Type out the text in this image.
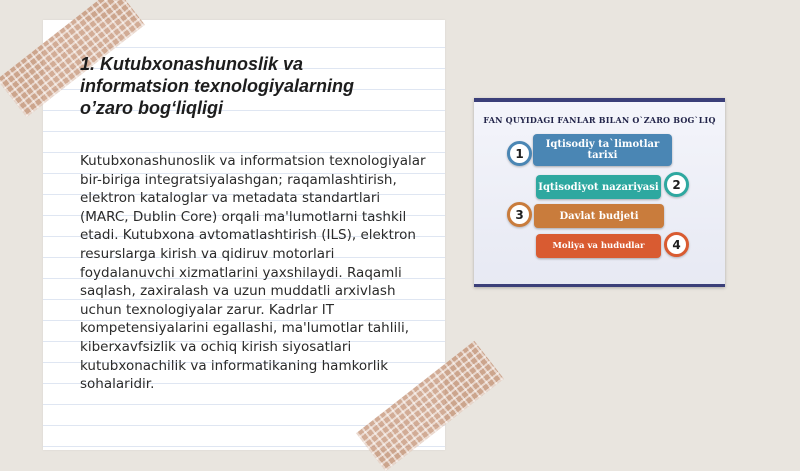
1. Kutubxonashunoslik va informatsion texnologiyalarning o’zaro bog‘liqligi

Kutubxonashunoslik va informatsion texnologiyalar bir-biriga integratsiyalashgan; raqamlashtirish, elektron kataloglar va metadata standartlari (MARC, Dublin Core) orqali ma'lumotlarni tashkil etadi. Kutubxona avtomatlashtirish (ILS), elektron resurslarga kirish va qidiruv motorlari foydalanuvchi xizmatlarini yaxshilaydi. Raqamli saqlash, zaxiralash va uzun muddatli arxivlash uchun texnologiyalar zarur. Kadrlar IT kompetensiyalarini egallashi, ma'lumotlar tahlili, kiberxavfsizlik va ochiq kirish siyosatlari kutubxonachilik va informatikaning hamkorlik sohalaridir.

FAN QUYIDAGI FANLAR BILAN O`ZARO BOG`LIQ
Iqtisodiy ta`limotlar tarixi
1
Iqtisodiyot nazariyasi	2
Davlat budjeti
3
Moliya va hududlar	4
